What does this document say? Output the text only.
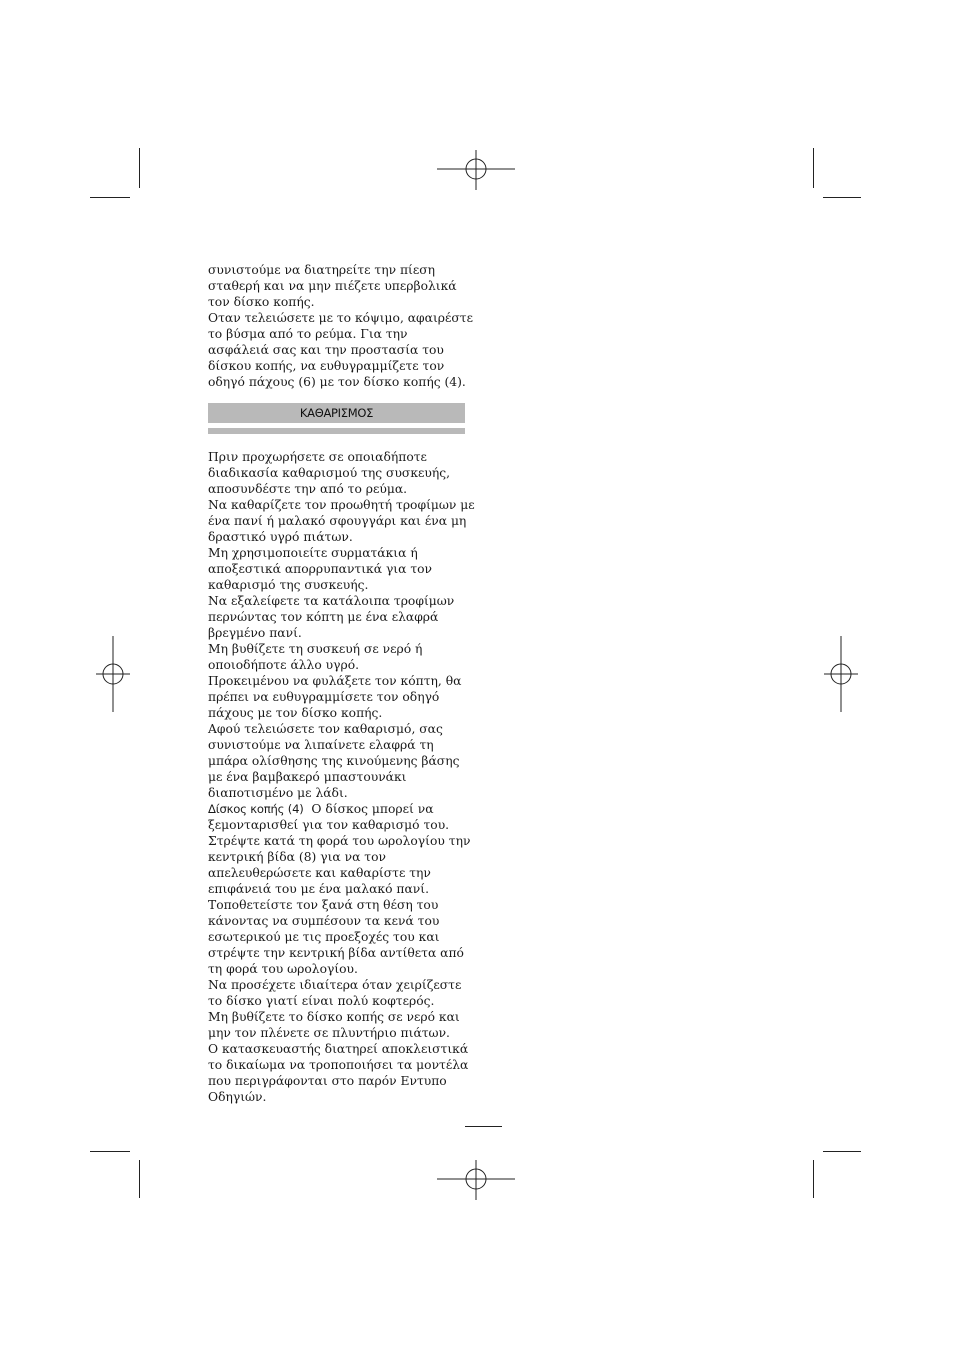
συνιστούμε να διατηρείτε την πίεση
σταθερή και να μην πιέζετε υπερβολικά
τον δίσκο κοπής.
Οταν τελειώσετε με το κόψιμο, αφαιρέστε
το βύσμα από το ρεύμα. Για την
ασφάλειά σας και την προστασία του
δίσκου κοπής, να ευθυγραμμίζετε τον
οδηγό πάχους (6) με τον δίσκο κοπής (4).

ΚΑΘΑΡΙΣΜΟΣ

Πριν προχωρήσετε σε οποιαδήποτε
διαδικασία καθαρισμού της συσκευής,
αποσυνδέστε την από το ρεύμα.
Να καθαρίζετε τον προωθητή τροφίμων με
ένα πανί ή μαλακό σφουγγάρι και ένα μη
δραστικό υγρό πιάτων.
Μη χρησιμοποιείτε συρματάκια ή
αποξεστικά απορρυπαντικά για τον
καθαρισμό της συσκευής.
Να εξαλείφετε τα κατάλοιπα τροφίμων
περνώντας τον κόπτη με ένα ελαφρά
βρεγμένο πανί.
Μη βυθίζετε τη συσκευή σε νερό ή
οποιοδήποτε άλλο υγρό.
Προκειμένου να φυλάξετε τον κόπτη, θα
πρέπει να ευθυγραμμίσετε τον οδηγό
πάχους με τον δίσκο κοπής.
Αφού τελειώσετε τον καθαρισμό, σας
συνιστούμε να λιπαίνετε ελαφρά τη
μπάρα ολίσθησης της κινούμενης βάσης
με ένα βαμβακερό μπαστουνάκι
διαποτισμένο με λάδι.
Δίσκος κοπής (4) Ο δίσκος μπορεί να
ξεμονταρισθεί για τον καθαρισμό του.
Στρέψτε κατά τη φορά του ωρολογίου την
κεντρική βίδα (8) για να τον
απελευθερώσετε και καθαρίστε την
επιφάνειά του με ένα μαλακό πανί.
Τοποθετείστε τον ξανά στη θέση του
κάνοντας να συμπέσουν τα κενά του
εσωτερικού με τις προεξοχές του και
στρέψτε την κεντρική βίδα αντίθετα από
τη φορά του ωρολογίου.
Να προσέχετε ιδιαίτερα όταν χειρίζεστε
το δίσκο γιατί είναι πολύ κοφτερός.
Μη βυθίζετε το δίσκο κοπής σε νερό και
μην τον πλένετε σε πλυντήριο πιάτων.
Ο κατασκευαστής διατηρεί αποκλειστικά
το δικαίωμα να τροποποιήσει τα μοντέλα
που περιγράφονται στο παρόν Εντυπο
Οδηγιών.
